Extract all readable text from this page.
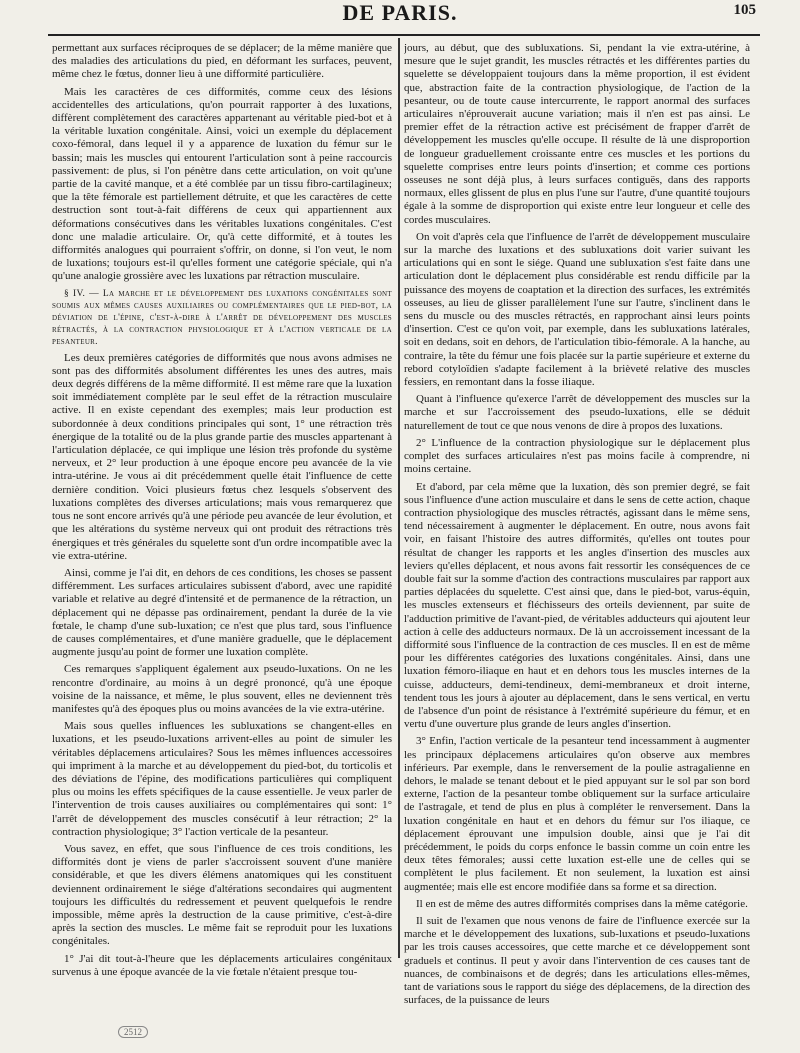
DE PARIS.	105

permettant aux surfaces réciproques de se déplacer; de la même manière que des maladies des articulations du pied, en déformant les surfaces, peuvent, même chez le fœtus, donner lieu à une difformité particulière.

Mais les caractères de ces difformités, comme ceux des lésions accidentelles des articulations, qu'on pourrait rapporter à des luxations, diffèrent complètement des caractères appartenant au véritable pied-bot et à la véritable luxation congénitale. Ainsi, voici un exemple du déplacement coxo-fémoral, dans lequel il y a apparence de luxation du fémur sur le bassin; mais les muscles qui entourent l'articulation sont à peine raccourcis passivement: de plus, si l'on pénètre dans cette articulation, on voit qu'une partie de la cavité manque, et a été comblée par un tissu fibro-cartilagineux; que la tête fémorale est partiellement détruite, et que les caractères de cette destruction sont tout-à-fait différens de ceux qui appartiennent aux déformations consécutives dans les véritables luxations congénitales. C'est donc une maladie articulaire. Or, qu'à cette difformité, et à toutes les difformités analogues qui pourraient s'offrir, on donne, si l'on veut, le nom de luxations; toujours est-il qu'elles forment une catégorie spéciale, qui n'a qu'une analogie grossière avec les luxations par rétraction musculaire.

§ IV. — La marche et le développement des luxations congénitales sont soumis aux mêmes causes auxiliaires ou complémentaires que le pied-bot, la déviation de l'épine, c'est-à-dire à l'arrêt de développement des muscles rétractés, à la contraction physiologique et à l'action verticale de la pesanteur.

Les deux premières catégories de difformités que nous avons admises ne sont pas des difformités absolument différentes les unes des autres, mais deux degrés différens de la même difformité. Il est même rare que la luxation soit immédiatement complète par le seul effet de la rétraction musculaire active. Il en existe cependant des exemples; mais leur production est subordonnée à deux conditions principales qui sont, 1° une rétraction très énergique de la totalité ou de la plus grande partie des muscles appartenant à l'articulation déplacée, ce qui implique une lésion très profonde du système nerveux, et 2° leur production à une époque encore peu avancée de la vie intra-utérine. Je vous ai dit précédemment quelle était l'influence de cette dernière condition. Voici plusieurs fœtus chez lesquels s'observent des luxations complètes des diverses articulations; mais vous remarquerez que tous ne sont encore arrivés qu'à une période peu avancée de leur évolution, et que les altérations du système nerveux qui ont produit des rétractions très énergiques et très générales du squelette sont d'un ordre incompatible avec la vie extra-utérine.

Ainsi, comme je l'ai dit, en dehors de ces conditions, les choses se passent différemment. Les surfaces articulaires subissent d'abord, avec une rapidité variable et relative au degré d'intensité et de permanence de la rétraction, un déplacement qui ne dépasse pas ordinairement, pendant la durée de la vie fœtale, le champ d'une sub-luxation; ce n'est que plus tard, sous l'influence de causes complémentaires, et d'une manière graduelle, que le déplacement augmente jusqu'au point de former une luxation complète.

Ces remarques s'appliquent également aux pseudo-luxations. On ne les rencontre d'ordinaire, au moins à un degré prononcé, qu'à une époque voisine de la naissance, et même, le plus souvent, elles ne deviennent très manifestes qu'à des époques plus ou moins avancées de la vie extra-utérine.

Mais sous quelles influences les subluxations se changent-elles en luxations, et les pseudo-luxations arrivent-elles au point de simuler les véritables déplacemens articulaires? Sous les mêmes influences accessoires qui impriment à la marche et au développement du pied-bot, du torticolis et des déviations de l'épine, des modifications particulières qui compliquent plus ou moins les effets spécifiques de la cause essentielle. Je veux parler de l'intervention de trois causes auxiliaires ou complémentaires qui sont: 1° l'arrêt de développement des muscles consécutif à leur rétraction; 2° la contraction physiologique; 3° l'action verticale de la pesanteur.

Vous savez, en effet, que sous l'influence de ces trois conditions, les difformités dont je viens de parler s'accroissent souvent d'une manière considérable, et que les divers élémens anatomiques qui les constituent deviennent ordinairement le siége d'altérations secondaires qui augmentent toujours les difficultés du redressement et peuvent quelquefois le rendre impossible, même après la destruction de la cause primitive, c'est-à-dire après la section des muscles. Le même fait se reproduit pour les luxations congénitales.

1° J'ai dit tout-à-l'heure que les déplacements articulaires congénitaux survenus à une époque avancée de la vie fœtale n'étaient presque tou-

jours, au début, que des subluxations. Si, pendant la vie extra-utérine, à mesure que le sujet grandit, les muscles rétractés et les différentes parties du squelette se développaient toujours dans la même proportion, il est évident que, abstraction faite de la contraction physiologique, de l'action de la pesanteur, ou de toute cause intercurrente, le rapport anormal des surfaces articulaires n'éprouverait aucune variation; mais il n'en est pas ainsi. Le premier effet de la rétraction active est précisément de frapper d'arrêt de développement les muscles qu'elle occupe. Il résulte de là une disproportion de longueur graduellement croissante entre ces muscles et les portions du squelette comprises entre leurs points d'insertion; et comme ces portions osseuses ne sont déjà plus, à leurs surfaces contiguës, dans des rapports normaux, elles glissent de plus en plus l'une sur l'autre, d'une quantité toujours égale à la somme de disproportion qui existe entre leur longueur et celle des cordes musculaires.

On voit d'après cela que l'influence de l'arrêt de développement musculaire sur la marche des luxations et des subluxations doit varier suivant les articulations qui en sont le siége. Quand une subluxation s'est faite dans une articulation dont le déplacement plus considérable est rendu difficile par la puissance des moyens de coaptation et la direction des surfaces, les extrémités osseuses, au lieu de glisser parallèlement l'une sur l'autre, s'inclinent dans le sens du muscle ou des muscles rétractés, en rapprochant ainsi leurs points d'insertion. C'est ce qu'on voit, par exemple, dans les subluxations latérales, soit en dedans, soit en dehors, de l'articulation tibio-fémorale. A la hanche, au contraire, la tête du fémur une fois placée sur la partie supérieure et externe du rebord cotyloïdien s'adapte facilement à la brièveté relative des muscles fessiers, en remontant dans la fosse iliaque.

Quant à l'influence qu'exerce l'arrêt de développement des muscles sur la marche et sur l'accroissement des pseudo-luxations, elle se déduit naturellement de tout ce que nous venons de dire à propos des luxations.

2° L'influence de la contraction physiologique sur le déplacement plus complet des surfaces articulaires n'est pas moins facile à comprendre, ni moins certaine.

Et d'abord, par cela même que la luxation, dès son premier degré, se fait sous l'influence d'une action musculaire et dans le sens de cette action, chaque contraction physiologique des muscles rétractés, agissant dans le même sens, tend nécessairement à augmenter le déplacement. En outre, nous avons fait voir, en faisant l'histoire des autres difformités, qu'elles ont toutes pour résultat de changer les rapports et les angles d'insertion des muscles aux leviers qu'elles déplacent, et nous avons fait ressortir les conséquences de ce double fait sur la somme d'action des contractions musculaires par rapport aux parties déplacées du squelette. C'est ainsi que, dans le pied-bot, varus-équin, les muscles extenseurs et fléchisseurs des orteils deviennent, par suite de l'adduction primitive de l'avant-pied, de véritables adducteurs qui ajoutent leur action à celle des adducteurs normaux. De là un accroissement incessant de la difformité sous l'influence de la contraction de ces muscles. Il en est de même pour les différentes catégories des luxations congénitales. Ainsi, dans une luxation fémoro-iliaque en haut et en dehors tous les muscles internes de la cuisse, adducteurs, demi-tendineux, demi-membraneux et droit interne, tendent tous les jours à ajouter au déplacement, dans le sens vertical, en vertu de l'absence d'un point de résistance à l'extrémité supérieure du fémur, et en vertu d'une ouverture plus grande de leurs angles d'insertion.

3° Enfin, l'action verticale de la pesanteur tend incessamment à augmenter les principaux déplacemens articulaires qu'on observe aux membres inférieurs. Par exemple, dans le renversement de la poulie astragalienne en dehors, le malade se tenant debout et le pied appuyant sur le sol par son bord externe, l'action de la pesanteur tombe obliquement sur la surface articulaire de l'astragale, et tend de plus en plus à compléter le renversement. Dans la luxation congénitale en haut et en dehors du fémur sur l'os iliaque, ce déplacement éprouvant une impulsion double, ainsi que je l'ai dit précédemment, le poids du corps enfonce le bassin comme un coin entre les deux têtes fémorales; aussi cette luxation est-elle une de celles qui se complètent le plus facilement. Et non seulement, la luxation est ainsi augmentée; mais elle est encore modifiée dans sa forme et sa direction.

Il en est de même des autres difformités comprises dans la même catégorie.

Il suit de l'examen que nous venons de faire de l'influence exercée sur la marche et le développement des luxations, sub-luxations et pseudo-luxations par les trois causes accessoires, que cette marche et ce développement sont graduels et continus. Il peut y avoir dans l'intervention de ces causes tant de nuances, de combinaisons et de degrés; dans les articulations elles-mêmes, tant de variations sous le rapport du siége des déplacemens, de la direction des surfaces, de la puissance de leurs

2512
